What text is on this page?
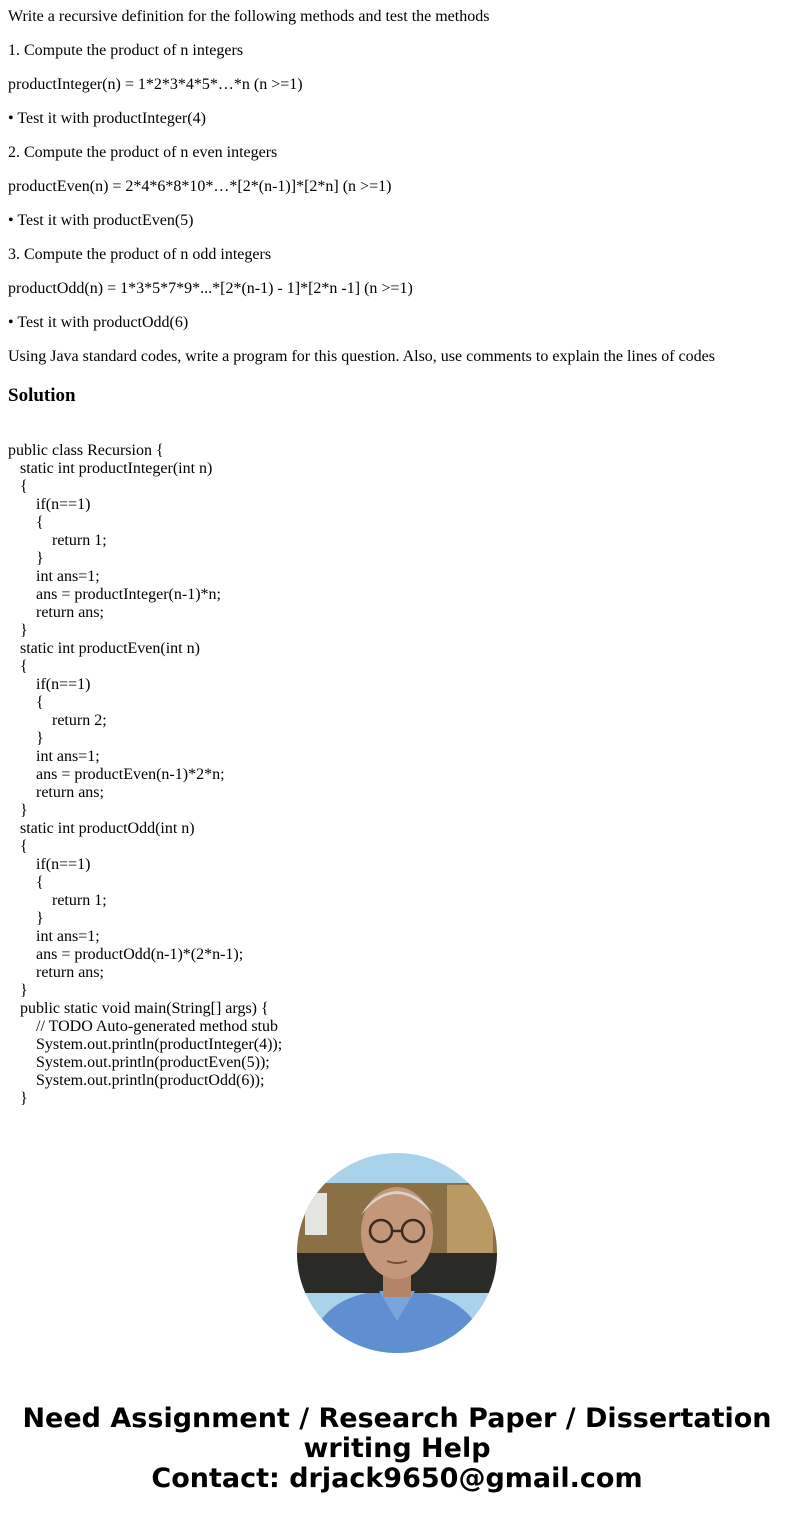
Write a recursive definition for the following methods and test the methods
1. Compute the product of n integers
productInteger(n) = 1*2*3*4*5*…*n (n >=1)
• Test it with productInteger(4)
2. Compute the product of n even integers
productEven(n) = 2*4*6*8*10*…*[2*(n-1)]*[2*n] (n >=1)
• Test it with productEven(5)
3. Compute the product of n odd integers
productOdd(n) = 1*3*5*7*9*...*[2*(n-1) - 1]*[2*n -1] (n >=1)
• Test it with productOdd(6)
Using Java standard codes, write a program for this question. Also, use comments to explain the lines of codes
Solution
public class Recursion {
static int productInteger(int n)
{
if(n==1)
{
return 1;
}
int ans=1;
ans = productInteger(n-1)*n;
return ans;
}
static int productEven(int n)
{
if(n==1)
{
return 2;
}
int ans=1;
ans = productEven(n-1)*2*n;
return ans;
}
static int productOdd(int n)
{
if(n==1)
{
return 1;
}
int ans=1;
ans = productOdd(n-1)*(2*n-1);
return ans;
}
public static void main(String[] args) {
// TODO Auto-generated method stub
System.out.println(productInteger(4));
System.out.println(productEven(5));
System.out.println(productOdd(6));
}
Need Assignment / Research Paper / Dissertation
writing Help
Contact: drjack9650@gmail.com
